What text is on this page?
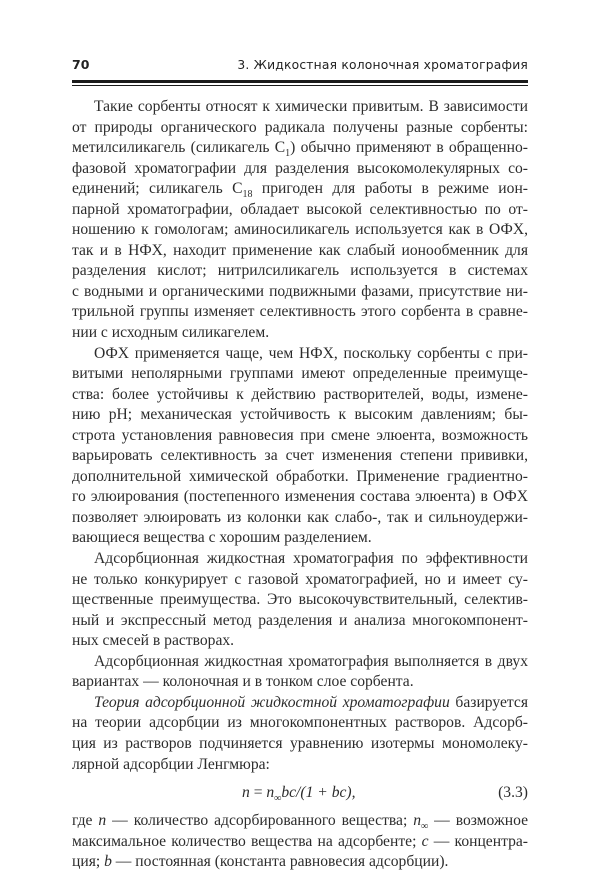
70	3. Жидкостная колоночная хроматография
Такие сорбенты относят к химически привитым. В зависимости
от природы органического радикала получены разные сорбенты:
метилсиликагель (силикагель $C_1$) обычно применяют в обращенно-
фазовой хроматографии для разделения высокомолекулярных со-
единений; силикагель $C_{18}$ пригоден для работы в режиме ион-
парной хроматографии, обладает высокой селективностью по от-
ношению к гомологам; аминосиликагель используется как в ОФХ,
так и в НФХ, находит применение как слабый ионообменник для
разделения кислот; нитрилсиликагель используется в системах
с водными и органическими подвижными фазами, присутствие ни-
трильной группы изменяет селективность этого сорбента в сравне-
нии с исходным силикагелем.
ОФХ применяется чаще, чем НФХ, поскольку сорбенты с при-
витыми неполярными группами имеют определенные преимуще-
ства: более устойчивы к действию растворителей, воды, измене-
нию pH; механическая устойчивость к высоким давлениям; бы-
строта установления равновесия при смене элюента, возможность
варьировать селективность за счет изменения степени прививки,
дополнительной химической обработки. Применение градиентно-
го элюирования (постепенного изменения состава элюента) в ОФХ
позволяет элюировать из колонки как слабо-, так и сильноудержи-
вающиеся вещества с хорошим разделением.
Адсорбционная жидкостная хроматография по эффективности
не только конкурирует с газовой хроматографией, но и имеет су-
щественные преимущества. Это высокочувствительный, селектив-
ный и экспрессный метод разделения и анализа многокомпонент-
ных смесей в растворах.
Адсорбционная жидкостная хроматография выполняется в двух
вариантах — колоночная и в тонком слое сорбента.
Теория адсорбционной жидкостной хроматографии базируется
на теории адсорбции из многокомпонентных растворов. Адсорб-
ция из растворов подчиняется уравнению изотермы мономолеку-
лярной адсорбции Ленгмюра:
$n = n_\infty bc/(1 + bc)$,	(3.3)
где n — количество адсорбированного вещества; $n_\infty$ — возможное
максимальное количество вещества на адсорбенте; c — концентра-
ция; b — постоянная (константа равновесия адсорбции).
